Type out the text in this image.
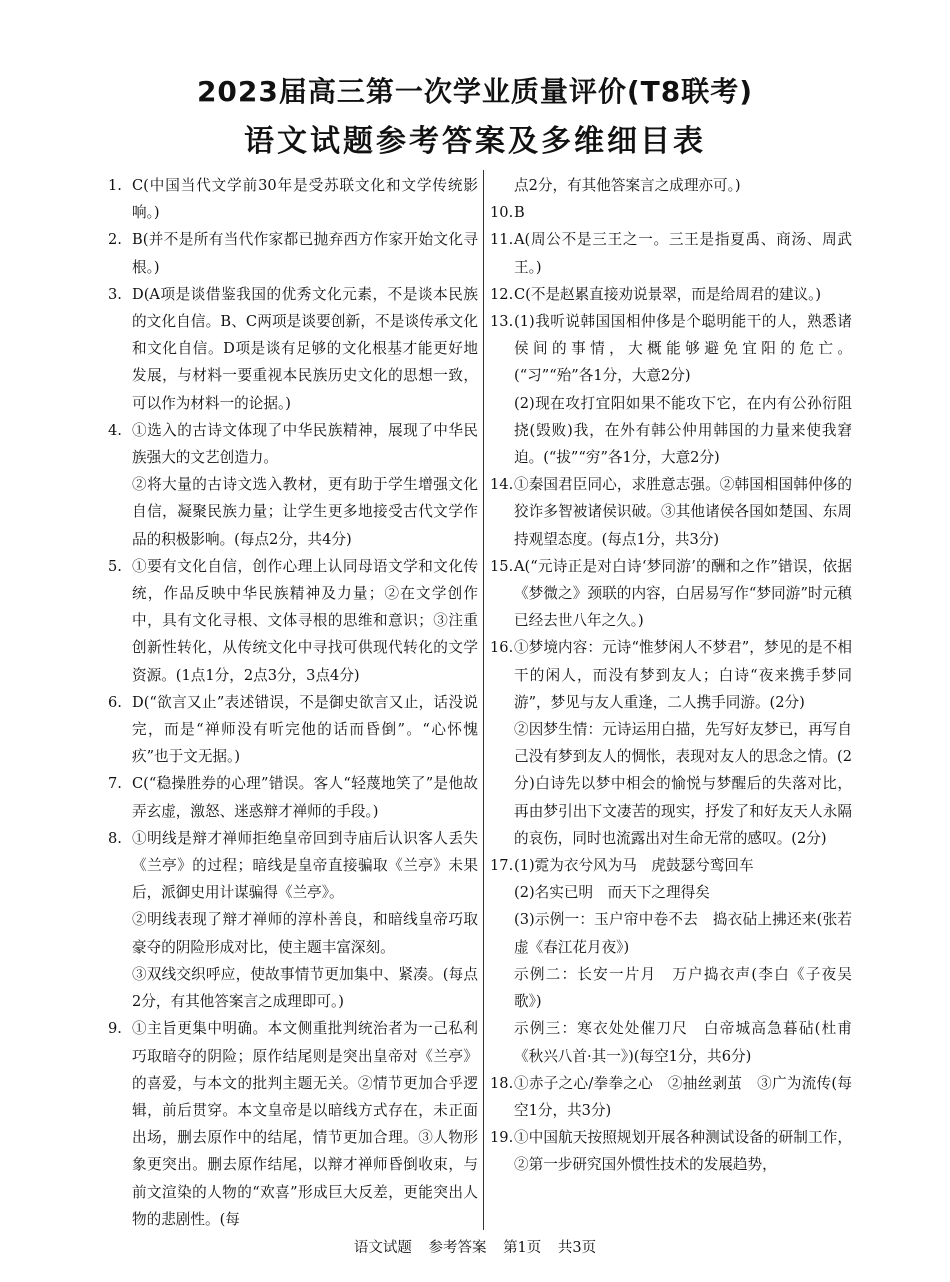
2023届高三第一次学业质量评价(T8联考)
语文试题参考答案及多维细目表
1. C(中国当代文学前30年是受苏联文化和文学传统影响。)
2. B(并不是所有当代作家都已抛弃西方作家开始文化寻根。)
3. D(A项是谈借鉴我国的优秀文化元素，不是谈本民族的文化自信。B、C两项是谈要创新，不是谈传承文化和文化自信。D项是谈有足够的文化根基才能更好地发展，与材料一要重视本民族历史文化的思想一致，可以作为材料一的论据。)
4. ①选入的古诗文体现了中华民族精神，展现了中华民族强大的文艺创造力。
②将大量的古诗文选入教材，更有助于学生增强文化自信，凝聚民族力量；让学生更多地接受古代文学作品的积极影响。(每点2分，共4分)
5. ①要有文化自信，创作心理上认同母语文学和文化传统，作品反映中华民族精神及力量；②在文学创作中，具有文化寻根、文体寻根的思维和意识；③注重创新性转化，从传统文化中寻找可供现代转化的文学资源。(1点1分，2点3分，3点4分)
6. D(“欲言又止”表述错误，不是御史欲言又止，话没说完，而是“禅师没有听完他的话而昏倒”。“心怀愧疚”也于文无据。)
7. C(“稳操胜券的心理”错误。客人“轻蔑地笑了”是他故弄玄虚，激怒、迷惑辩才禅师的手段。)
8. ①明线是辩才禅师拒绝皇帝回到寺庙后认识客人丢失《兰亭》的过程；暗线是皇帝直接骗取《兰亭》未果后，派御史用计谋骗得《兰亭》。
②明线表现了辩才禅师的淳朴善良，和暗线皇帝巧取豪夺的阴险形成对比，使主题丰富深刻。
③双线交织呼应，使故事情节更加集中、紧凑。(每点2分，有其他答案言之成理即可。)
9. ①主旨更集中明确。本文侧重批判统治者为一己私利巧取暗夺的阴险；原作结尾则是突出皇帝对《兰亭》的喜爱，与本文的批判主题无关。②情节更加合乎逻辑，前后贯穿。本文皇帝是以暗线方式存在，未正面出场，删去原作中的结尾，情节更加合理。③人物形象更突出。删去原作结尾，以辩才禅师昏倒收束，与前文渲染的人物的“欢喜”形成巨大反差，更能突出人物的悲剧性。(每
点2分，有其他答案言之成理亦可。)
10. B
11. A(周公不是三王之一。三王是指夏禹、商汤、周武王。)
12. C(不是赵累直接劝说景翠，而是给周君的建议。)
13. (1)我听说韩国国相仲侈是个聪明能干的人，熟悉诸侯间的事情，大概能够避免宜阳的危亡。(“习”“殆”各1分，大意2分)
(2)现在攻打宜阳如果不能攻下它，在内有公孙衍阻挠(毁败)我，在外有韩公仲用韩国的力量来使我窘迫。(“拔”“穷”各1分，大意2分)
14. ①秦国君臣同心，求胜意志强。②韩国相国韩仲侈的狡诈多智被诸侯识破。③其他诸侯各国如楚国、东周持观望态度。(每点1分，共3分)
15. A(“元诗正是对白诗‘梦同游’的酬和之作”错误，依据《梦微之》颈联的内容，白居易写作“梦同游”时元稹已经去世八年之久。)
16. ①梦境内容：元诗“惟梦闲人不梦君”，梦见的是不相干的闲人，而没有梦到友人；白诗“夜来携手梦同游”，梦见与友人重逢，二人携手同游。(2分)
②因梦生情：元诗运用白描，先写好友梦已，再写自己没有梦到友人的惆怅，表现对友人的思念之情。(2分)白诗先以梦中相会的愉悦与梦醒后的失落对比，再由梦引出下文凄苦的现实，抒发了和好友天人永隔的哀伤，同时也流露出对生命无常的感叹。(2分)
17. (1)霓为衣兮风为马　虎鼓瑟兮鸾回车
(2)名实已明　而天下之理得矣
(3)示例一：玉户帘中卷不去　捣衣砧上拂还来(张若虚《春江花月夜》)
示例二：长安一片月　万户捣衣声(李白《子夜吴歌》)
示例三：寒衣处处催刀尺　白帝城高急暮砧(杜甫《秋兴八首·其一》)(每空1分，共6分)
18. ①赤子之心/拳拳之心　②抽丝剥茧　③广为流传(每空1分，共3分)
19. ①中国航天按照规划开展各种测试设备的研制工作，②第一步研究国外惯性技术的发展趋势，
语文试题 参考答案 第1页 共3页
